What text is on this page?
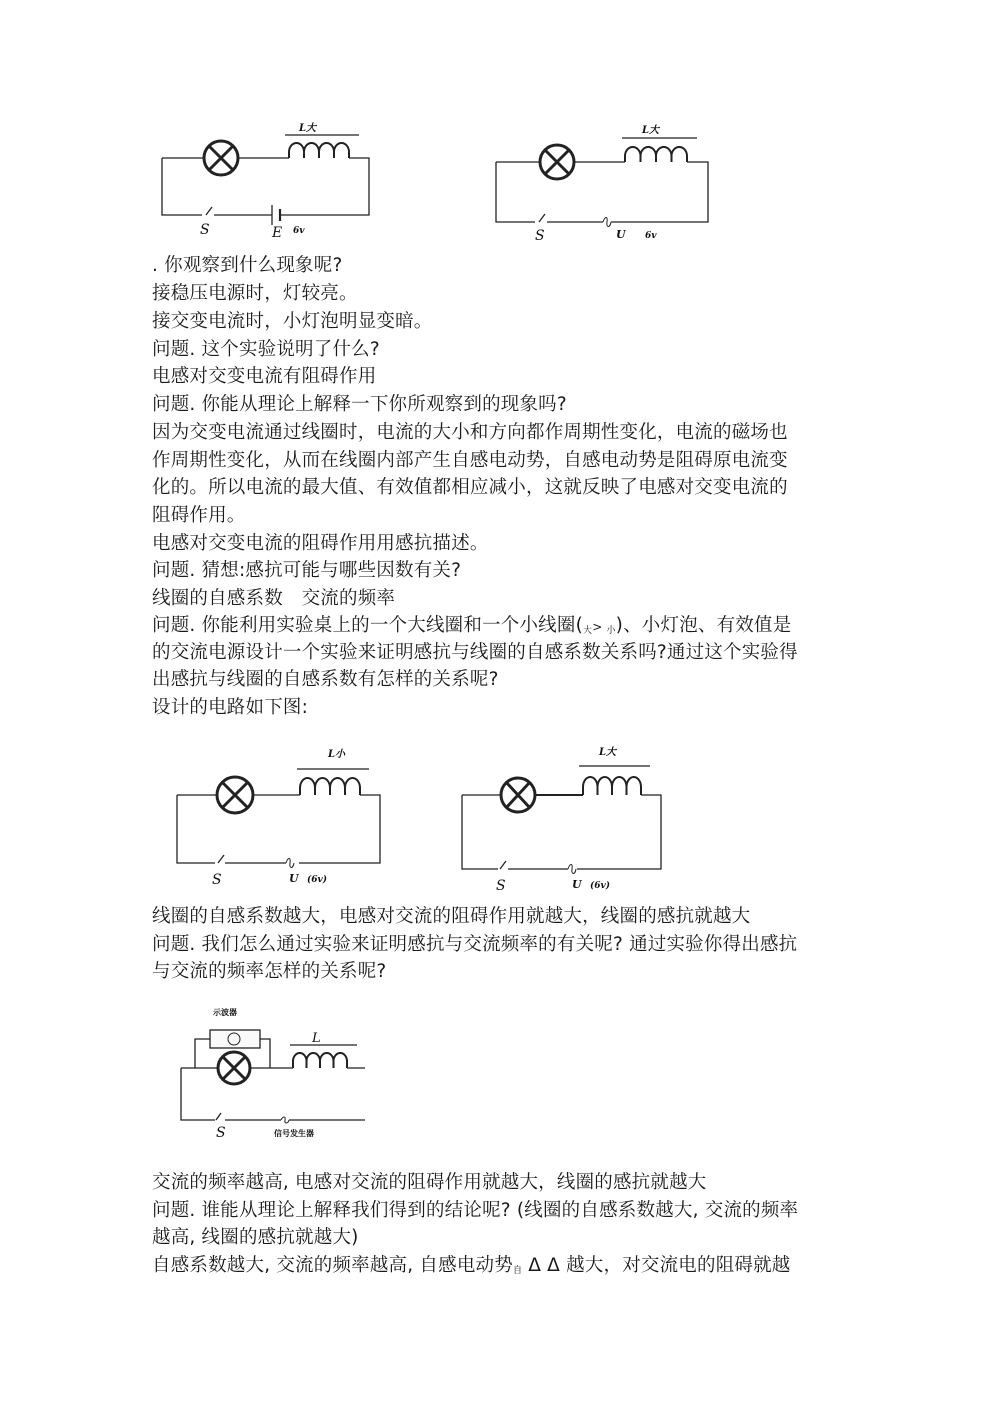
L大
S	E 6v
L大
S	U 6v
. 你观察到什么现象呢?
接稳压电源时，灯较亮。
接交变电流时，小灯泡明显变暗。
问题. 这个实验说明了什么?
电感对交变电流有阻碍作用
问题. 你能从理论上解释一下你所观察到的现象吗?
因为交变电流通过线圈时，电流的大小和方向都作周期性变化，电流的磁场也
作周期性变化，从而在线圈内部产生自感电动势，自感电动势是阻碍原电流变
化的。所以电流的最大值、有效值都相应减小，这就反映了电感对交变电流的
阻碍作用。
电感对交变电流的阻碍作用用感抗描述。
问题. 猜想:感抗可能与哪些因数有关?
线圈的自感系数　交流的频率
问题. 你能利用实验桌上的一个大线圈和一个小线圈$(_大> _小)$、小灯泡、有效值是
的交流电源设计一个实验来证明感抗与线圈的自感系数关系吗?通过这个实验得
出感抗与线圈的自感系数有怎样的关系呢?
设计的电路如下图:
L小
S	U (6v)
L大
S	U (6v)
线圈的自感系数越大，电感对交流的阻碍作用就越大，线圈的感抗就越大
问题. 我们怎么通过实验来证明感抗与交流频率的有关呢? 通过实验你得出感抗
与交流的频率怎样的关系呢?
示波器
L
S	信号发生器
交流的频率越高, 电感对交流的阻碍作用就越大，线圈的感抗就越大
问题. 谁能从理论上解释我们得到的结论呢? (线圈的自感系数越大, 交流的频率
越高, 线圈的感抗就越大)
自感系数越大, 交流的频率越高, 自感电动势$_自$ Δ Δ 越大，对交流电的阻碍就越
